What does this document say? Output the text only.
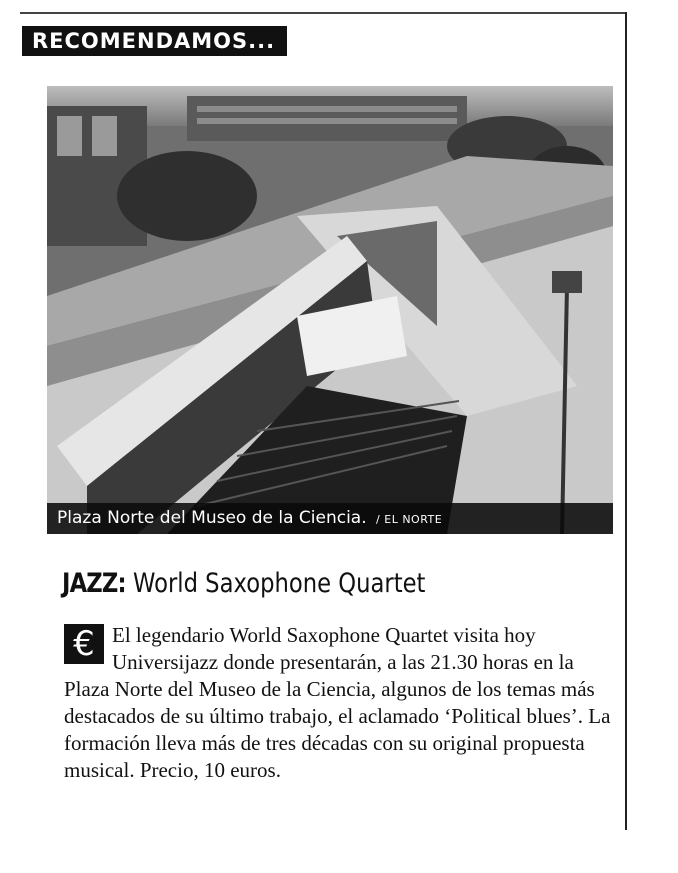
RECOMENDAMOS...
Plaza Norte del Museo de la Ciencia. / EL NORTE
JAZZ: World Saxophone Quartet
€ El legendario World Saxophone Quartet visita hoy Universijazz donde presentarán, a las 21.30 horas en la Plaza Norte del Museo de la Ciencia, algunos de los temas más destacados de su último trabajo, el aclamado ‘Political blues’. La formación lleva más de tres décadas con su original propuesta musical. Precio, 10 euros.
